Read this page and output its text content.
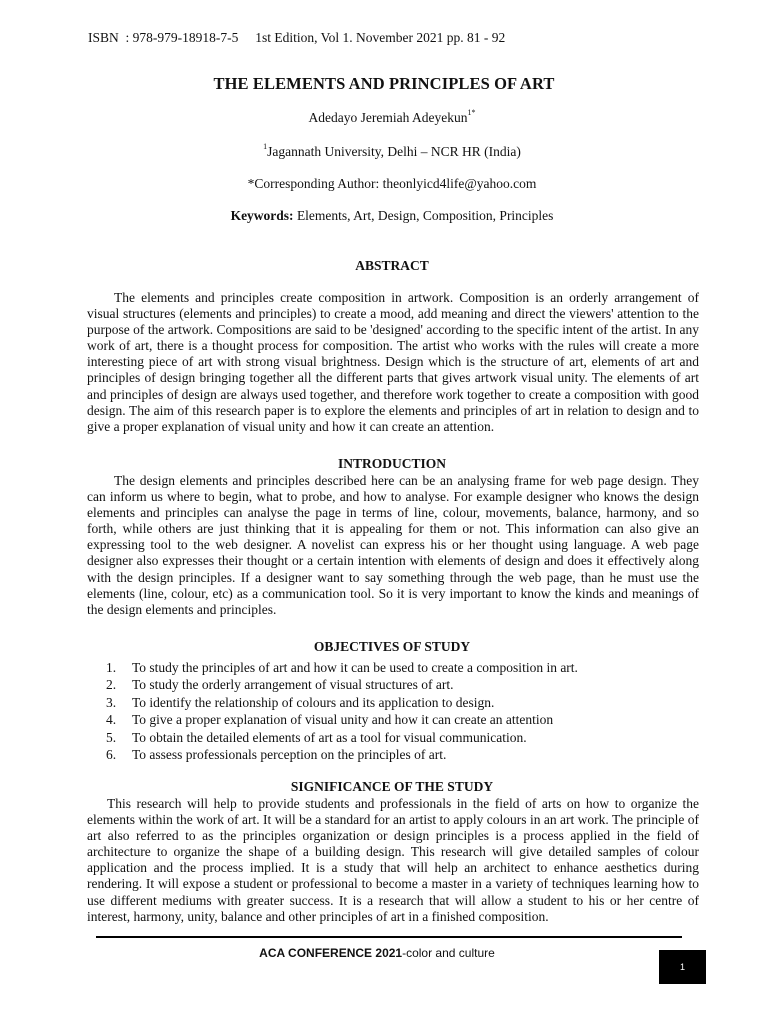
ISBN  : 978-979-18918-7-5     1st Edition, Vol 1. November 2021 pp. 81 - 92
THE ELEMENTS AND PRINCIPLES OF ART
Adedayo Jeremiah Adeyekun$^{1*}$
$^1$Jagannath University, Delhi – NCR HR (India)
*Corresponding Author: theonlyicd4life@yahoo.com
Keywords: Elements, Art, Design, Composition, Principles
ABSTRACT

The elements and principles create composition in artwork. Composition is an orderly arrangement of visual structures (elements and principles) to create a mood, add meaning and direct the viewers' attention to the purpose of the artwork. Compositions are said to be 'designed' according to the specific intent of the artist. In any work of art, there is a thought process for composition. The artist who works with the rules will create a more interesting piece of art with strong visual brightness. Design which is the structure of art, elements of art and principles of design bringing together all the different parts that gives artwork visual unity. The elements of art and principles of design are always used together, and therefore work together to create a composition with good design. The aim of this research paper is to explore the elements and principles of art in relation to design and to give a proper explanation of visual unity and how it can create an attention.

INTRODUCTION

The design elements and principles described here can be an analysing frame for web page design. They can inform us where to begin, what to probe, and how to analyse. For example designer who knows the design elements and principles can analyse the page in terms of line, colour, movements, balance, harmony, and so forth, while others are just thinking that it is appealing for them or not. This information can also give an expressing tool to the web designer. A novelist can express his or her thought using language. A web page designer also expresses their thought or a certain intention with elements of design and does it effectively along with the design principles. If a designer want to say something through the web page, than he must use the elements (line, colour, etc) as a communication tool. So it is very important to know the kinds and meanings of the design elements and principles.

OBJECTIVES OF STUDY
1.	To study the principles of art and how it can be used to create a composition in art.
2.	To study the orderly arrangement of visual structures of art.
3.	To identify the relationship of colours and its application to design.
4.	To give a proper explanation of visual unity and how it can create an attention
5.	To obtain the detailed elements of art as a tool for visual communication.
6.	To assess professionals perception on the principles of art.
SIGNIFICANCE OF THE STUDY

This research will help to provide students and professionals in the field of arts on how to organize the elements within the work of art. It will be a standard for an artist to apply colours in an art work. The principle of art also referred to as the principles organization or design principles is a process applied in the field of architecture to organize the shape of a building design. This research will give detailed samples of colour application and the process implied. It is a study that will help an architect to enhance aesthetics during rendering. It will expose a student or professional to become a master in a variety of techniques learning how to use different mediums with greater success. It is a research that will allow a student to his or her centre of interest, harmony, unity, balance and other principles of art in a finished composition.

ACA CONFERENCE 2021-color and culture
1
